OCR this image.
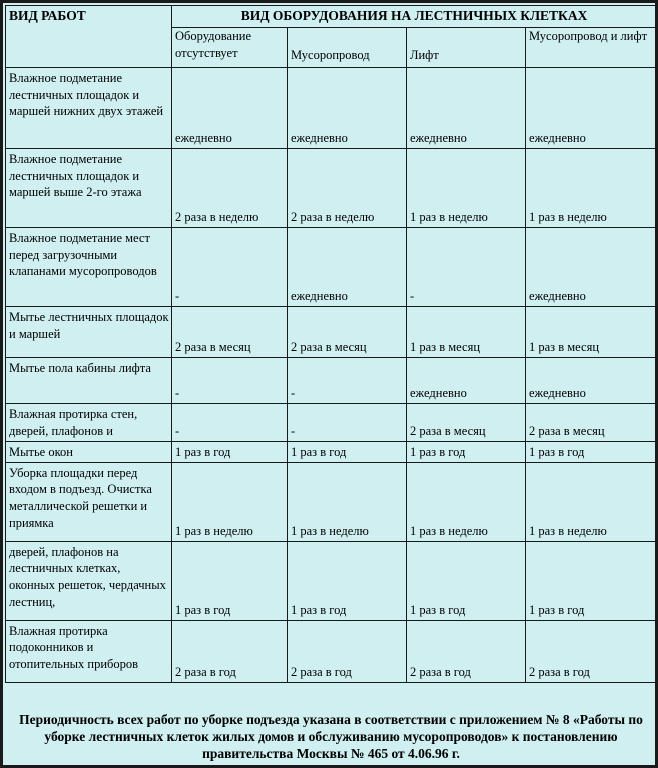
ВИД РАБОТ	ВИД ОБОРУДОВАНИЯ НА ЛЕСТНИЧНЫХ КЛЕТКАХ			
	Оборудование отсутствует	Мусоропровод	Лифт	Мусоропровод и лифт
Влажное подметание лестничных площадок и маршей нижних двух этажей	ежедневно	ежедневно	ежедневно	ежедневно
Влажное подметание лестничных площадок и маршей выше 2-го этажа	2 раза в неделю	2 раза в неделю	1 раз в неделю	1 раз в неделю
Влажное подметание мест перед загрузочными клапанами мусоропроводов	-	ежедневно	-	ежедневно
Мытье лестничных площадок и маршей	2 раза в месяц	2 раза в месяц	1 раз в месяц	1 раз в месяц
Мытье пола кабины лифта	-	-	ежедневно	ежедневно
Влажная протирка стен, дверей, плафонов и	-	-	2 раза в месяц	2 раза в месяц
Мытье окон	1 раз в год	1 раз в год	1 раз в год	1 раз в год
Уборка площадки перед входом в подъезд. Очистка металлической решетки и приямка	1 раз в неделю	1 раз в неделю	1 раз в неделю	1 раз в неделю
дверей, плафонов на лестничных клетках, оконных решеток, чердачных лестниц,	1 раз в год	1 раз в год	1 раз в год	1 раз в год
Влажная протирка подоконников и отопительных приборов	2 раза в год	2 раза в год	2 раза в год	2 раза в год
Периодичность всех работ по уборке подъезда указана в соответствии с приложением № 8 «Работы по уборке лестничных клеток жилых домов и обслуживанию мусоропроводов» к постановлению правительства Москвы № 465 от 4.06.96 г.
